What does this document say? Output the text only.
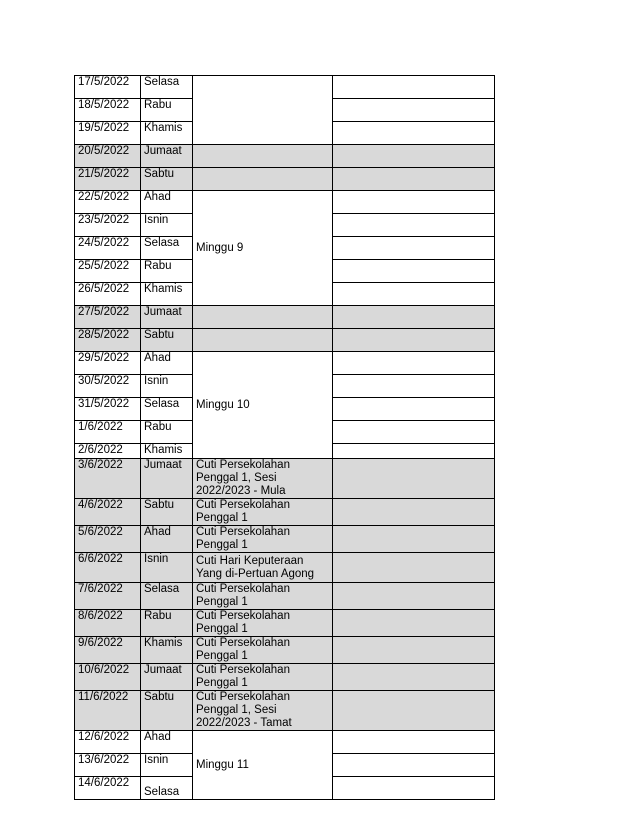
17/5/2022	Selasa		
18/5/2022	Rabu		
19/5/2022	Khamis		
20/5/2022	Jumaat		
21/5/2022	Sabtu		
22/5/2022	Ahad	Minggu 9	
23/5/2022	Isnin		
24/5/2022	Selasa		
25/5/2022	Rabu		
26/5/2022	Khamis		
27/5/2022	Jumaat		
28/5/2022	Sabtu		
29/5/2022	Ahad	Minggu 10	
30/5/2022	Isnin		
31/5/2022	Selasa		
1/6/2022	Rabu		
2/6/2022	Khamis		
3/6/2022	Jumaat	Cuti Persekolahan Penggal 1, Sesi 2022/2023 - Mula	
4/6/2022	Sabtu	Cuti Persekolahan Penggal 1	
5/6/2022	Ahad	Cuti Persekolahan Penggal 1	
6/6/2022	Isnin	Cuti Hari Keputeraan Yang di-Pertuan Agong	
7/6/2022	Selasa	Cuti Persekolahan Penggal 1	
8/6/2022	Rabu	Cuti Persekolahan Penggal 1	
9/6/2022	Khamis	Cuti Persekolahan Penggal 1	
10/6/2022	Jumaat	Cuti Persekolahan Penggal 1	
11/6/2022	Sabtu	Cuti Persekolahan Penggal 1, Sesi 2022/2023 - Tamat	
12/6/2022	Ahad	Minggu 11	
13/6/2022	Isnin		
14/6/2022	Selasa		
